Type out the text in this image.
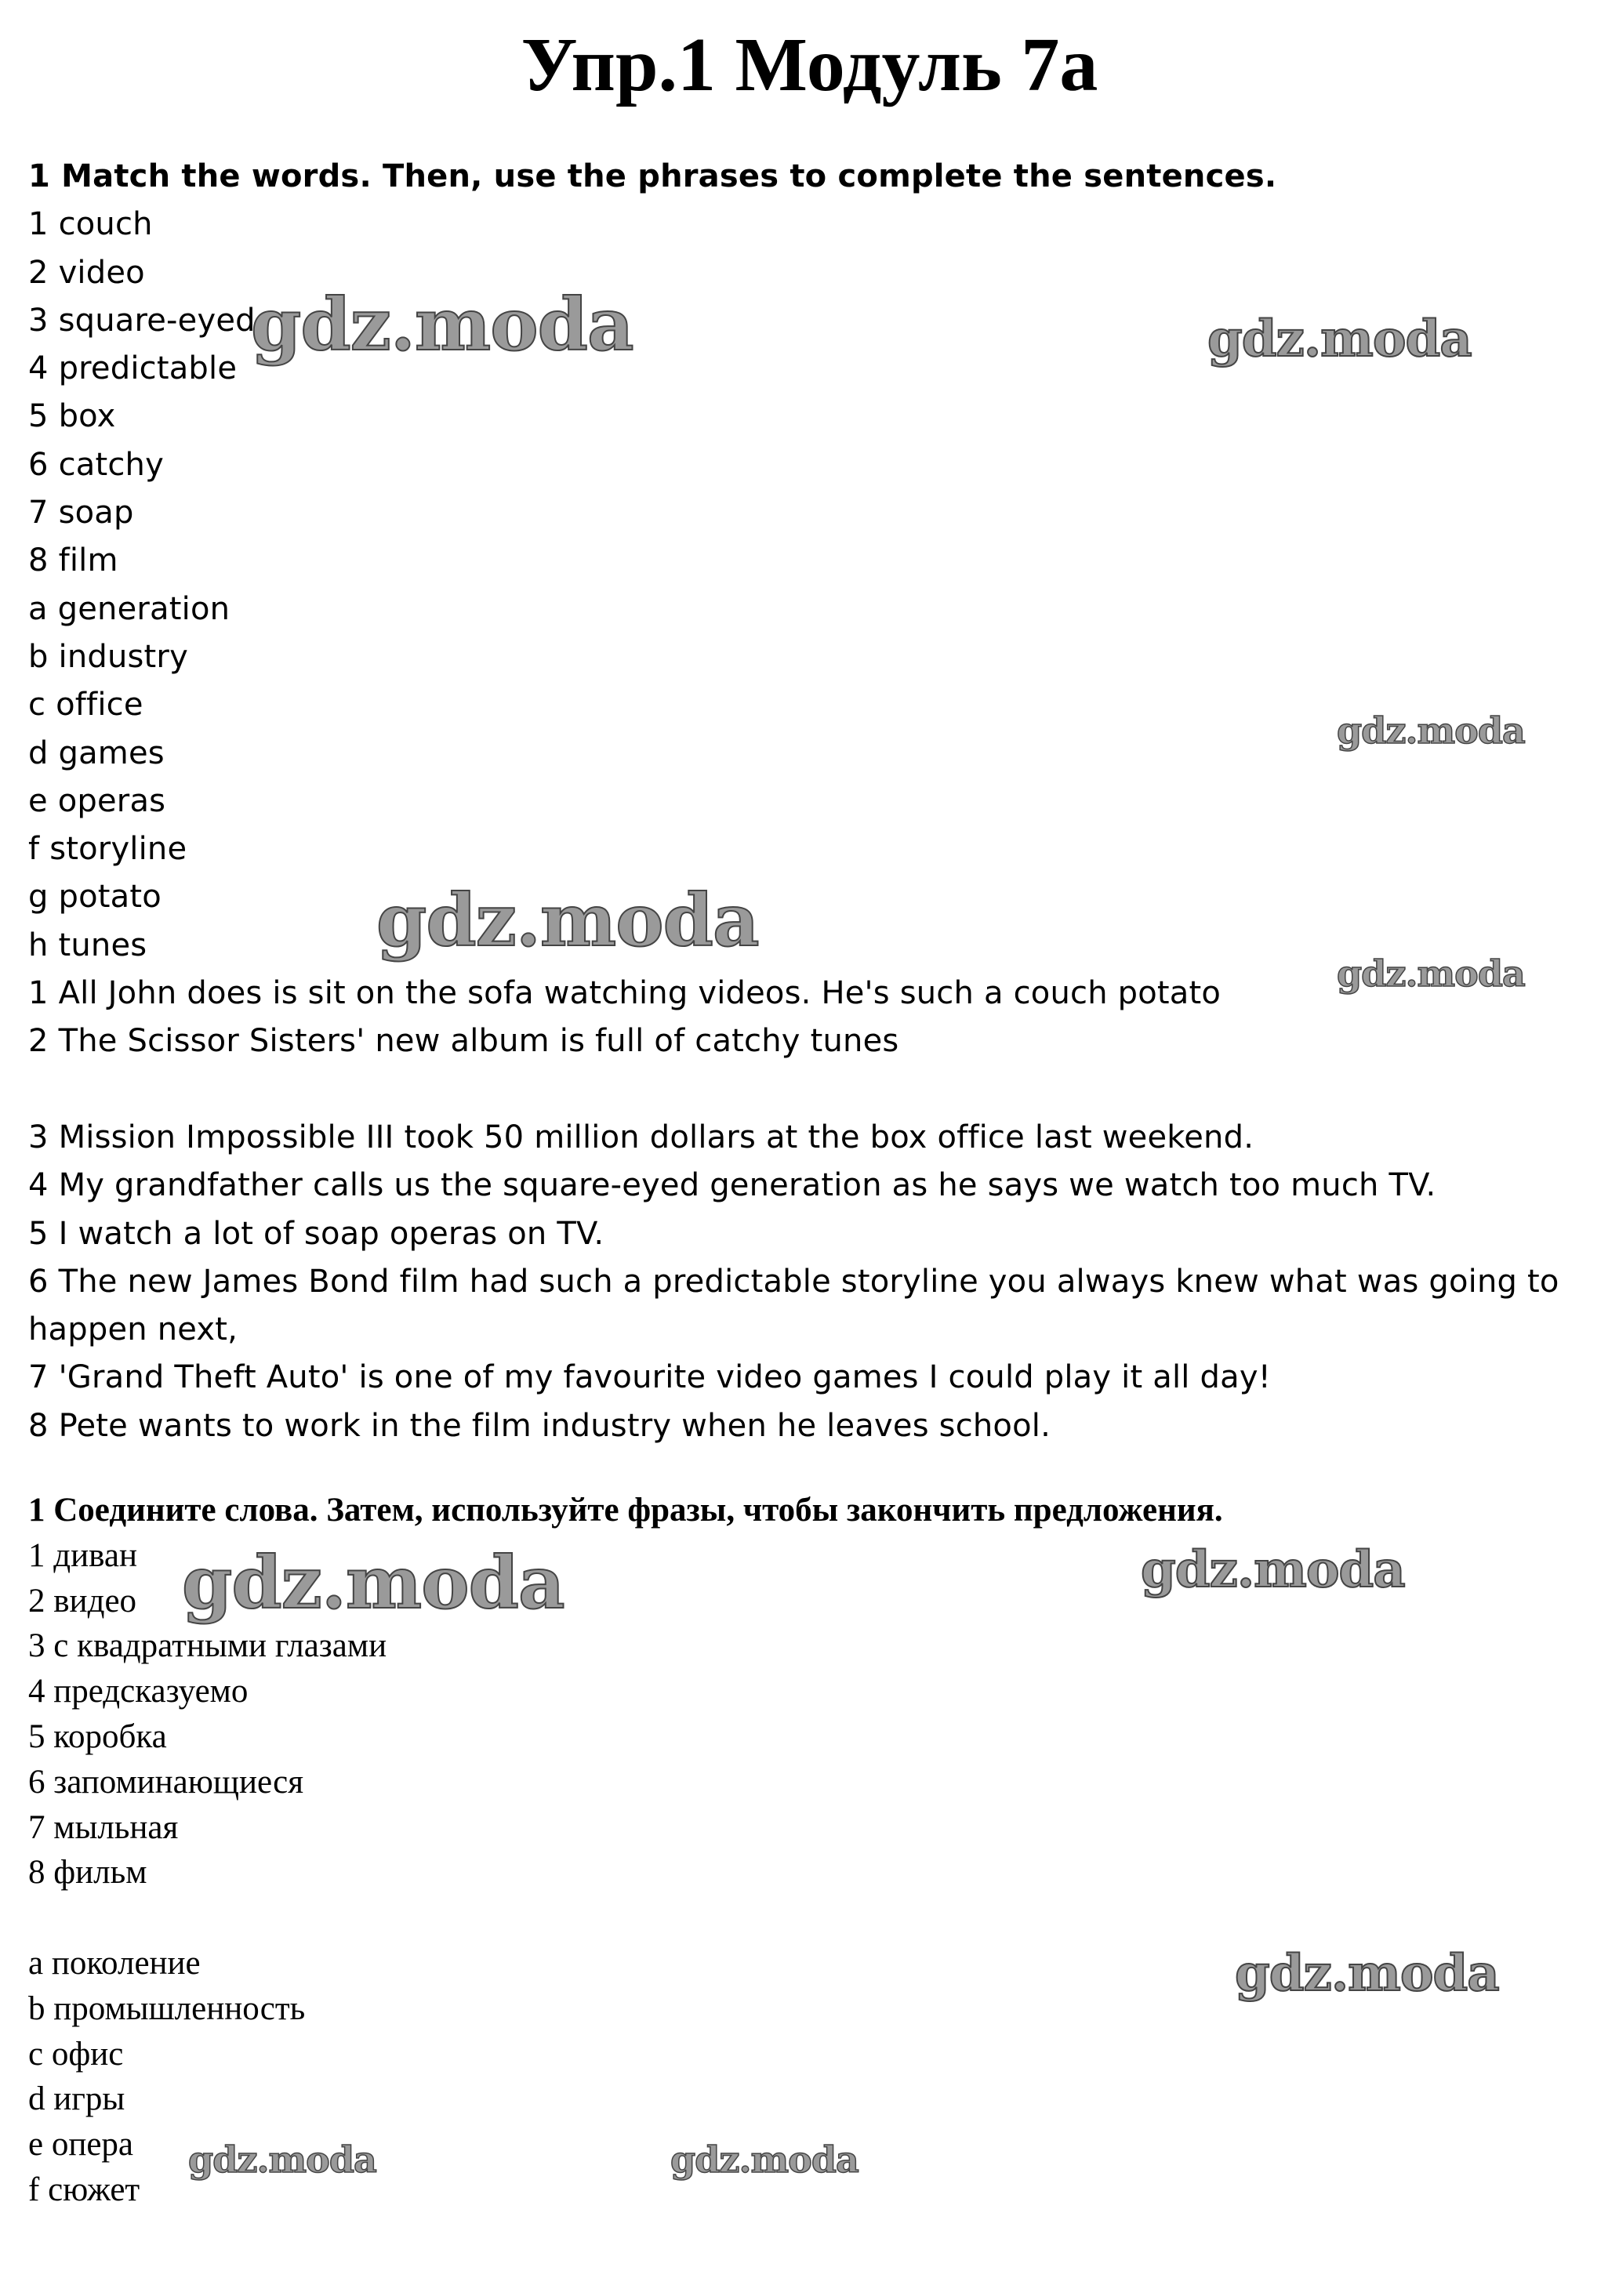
Упр.1 Модуль 7а
1 Match the words. Then, use the phrases to complete the sentences.
1 couch
2 video
3 square-eyed
4 predictable
5 box
6 catchy
7 soap
8 film
a generation
b industry
c office
d games
e operas
f storyline
g potato
h tunes
1 All John does is sit on the sofa watching videos. He's such a couch potato
2 The Scissor Sisters' new album is full of catchy tunes
3 Mission Impossible III took 50 million dollars at the box office last weekend.
4 My grandfather calls us the square-eyed generation as he says we watch too much TV.
5 I watch a lot of soap operas on TV.
6 The new James Bond film had such a predictable storyline you always knew what was going to happen next,
7 'Grand Theft Auto' is one of my favourite video games I could play it all day!
8 Pete wants to work in the film industry when he leaves school.
1 Соедините слова. Затем, используйте фразы, чтобы закончить предложения.
1 диван
2 видео
3 с квадратными глазами
4 предсказуемо
5 коробка
6 запоминающиеся
7 мыльная
8 фильм
a поколение
b промышленность
c офис
d игры
e опера
f сюжет
gdz.moda	gdz.moda
gdz.moda
gdz.moda
gdz.moda
gdz.moda	gdz.moda
gdz.moda
gdz.moda	gdz.moda
